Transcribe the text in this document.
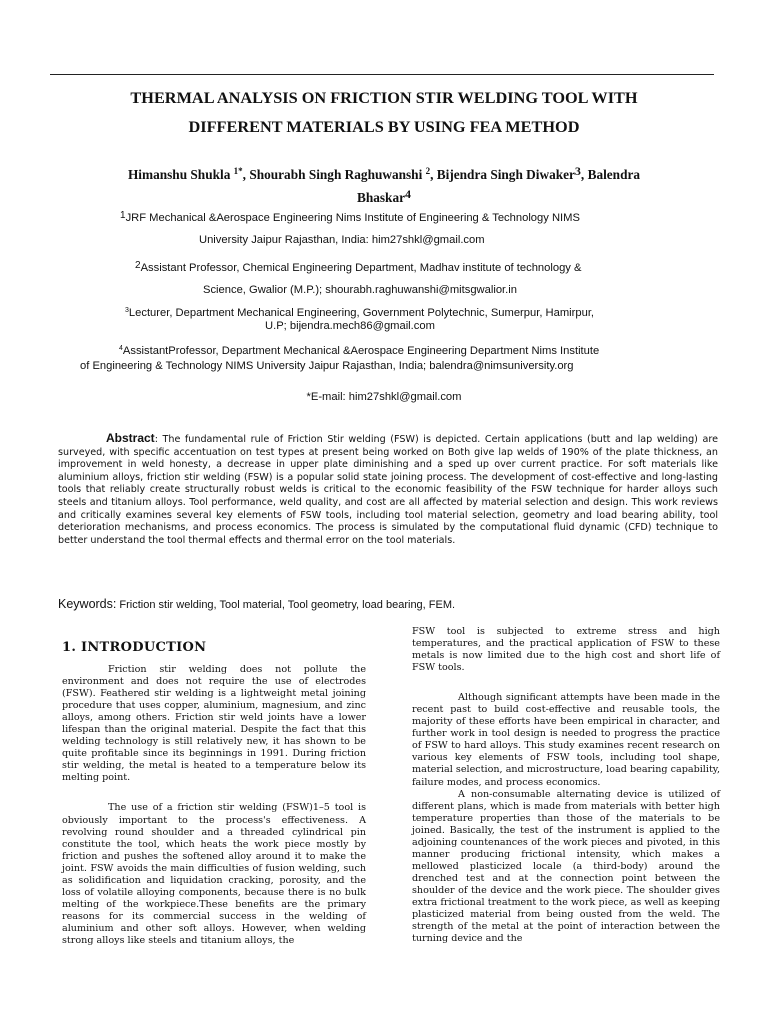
THERMAL ANALYSIS ON FRICTION STIR WELDING TOOL WITH
DIFFERENT MATERIALS BY USING FEA METHOD
Himanshu Shukla $^{1*}$, Shourabh Singh Raghuwanshi $^2$, Bijendra Singh Diwaker$^3$, Balendra Bhaskar$^4$
$^1$JRF Mechanical &Aerospace Engineering Nims Institute of Engineering & Technology NIMS
University Jaipur Rajasthan, India: him27shkl@gmail.com
$^2$Assistant Professor, Chemical Engineering Department, Madhav institute of technology &
Science, Gwalior (M.P.); shourabh.raghuwanshi@mitsgwalior.in
$^3$Lecturer, Department Mechanical Engineering, Government Polytechnic, Sumerpur, Hamirpur,
U.P; bijendra.mech86@gmail.com
$^4$AssistantProfessor, Department Mechanical &Aerospace Engineering Department Nims Institute
of Engineering & Technology NIMS University Jaipur Rajasthan, India; balendra@nimsuniversity.org
*E-mail: him27shkl@gmail.com
Abstract: The fundamental rule of Friction Stir welding (FSW) is depicted. Certain applications (butt and lap welding) are surveyed, with specific accentuation on test types at present being worked on Both give lap welds of 190% of the plate thickness, an improvement in weld honesty, a decrease in upper plate diminishing and a sped up over current practice. For soft materials like aluminium alloys, friction stir welding (FSW) is a popular solid state joining process. The development of cost-effective and long-lasting tools that reliably create structurally robust welds is critical to the economic feasibility of the FSW technique for harder alloys such steels and titanium alloys. Tool performance, weld quality, and cost are all affected by material selection and design. This work reviews and critically examines several key elements of FSW tools, including tool material selection, geometry and load bearing ability, tool deterioration mechanisms, and process economics. The process is simulated by the computational fluid dynamic (CFD) technique to better understand the tool thermal effects and thermal error on the tool materials.
Keywords: Friction stir welding, Tool material, Tool geometry, load bearing, FEM.
1. INTRODUCTION

Friction stir welding does not pollute the environment and does not require the use of electrodes (FSW). Feathered stir welding is a lightweight metal joining procedure that uses copper, aluminium, magnesium, and zinc alloys, among others. Friction stir weld joints have a lower lifespan than the original material. Despite the fact that this welding technology is still relatively new, it has shown to be quite profitable since its beginnings in 1991. During friction stir welding, the metal is heated to a temperature below its melting point.

The use of a friction stir welding (FSW)1–5 tool is obviously important to the process's effectiveness. A revolving round shoulder and a threaded cylindrical pin constitute the tool, which heats the work piece mostly by friction and pushes the softened alloy around it to make the joint. FSW avoids the main difficulties of fusion welding, such as solidification and liquidation cracking, porosity, and the loss of volatile alloying components, because there is no bulk melting of the workpiece.These benefits are the primary reasons for its commercial success in the welding of aluminium and other soft alloys. However, when welding strong alloys like steels and titanium alloys, the

FSW tool is subjected to extreme stress and high temperatures, and the practical application of FSW to these metals is now limited due to the high cost and short life of FSW tools.

Although significant attempts have been made in the recent past to build cost-effective and reusable tools, the majority of these efforts have been empirical in character, and further work in tool design is needed to progress the practice of FSW to hard alloys. This study examines recent research on various key elements of FSW tools, including tool shape, material selection, and microstructure, load bearing capability, failure modes, and process economics.

A non-consumable alternating device is utilized of different plans, which is made from materials with better high temperature properties than those of the materials to be joined. Basically, the test of the instrument is applied to the adjoining countenances of the work pieces and pivoted, in this manner producing frictional intensity, which makes a mellowed plasticized locale (a third-body) around the drenched test and at the connection point between the shoulder of the device and the work piece. The shoulder gives extra frictional treatment to the work piece, as well as keeping plasticized material from being ousted from the weld. The strength of the metal at the point of interaction between the turning device and the
